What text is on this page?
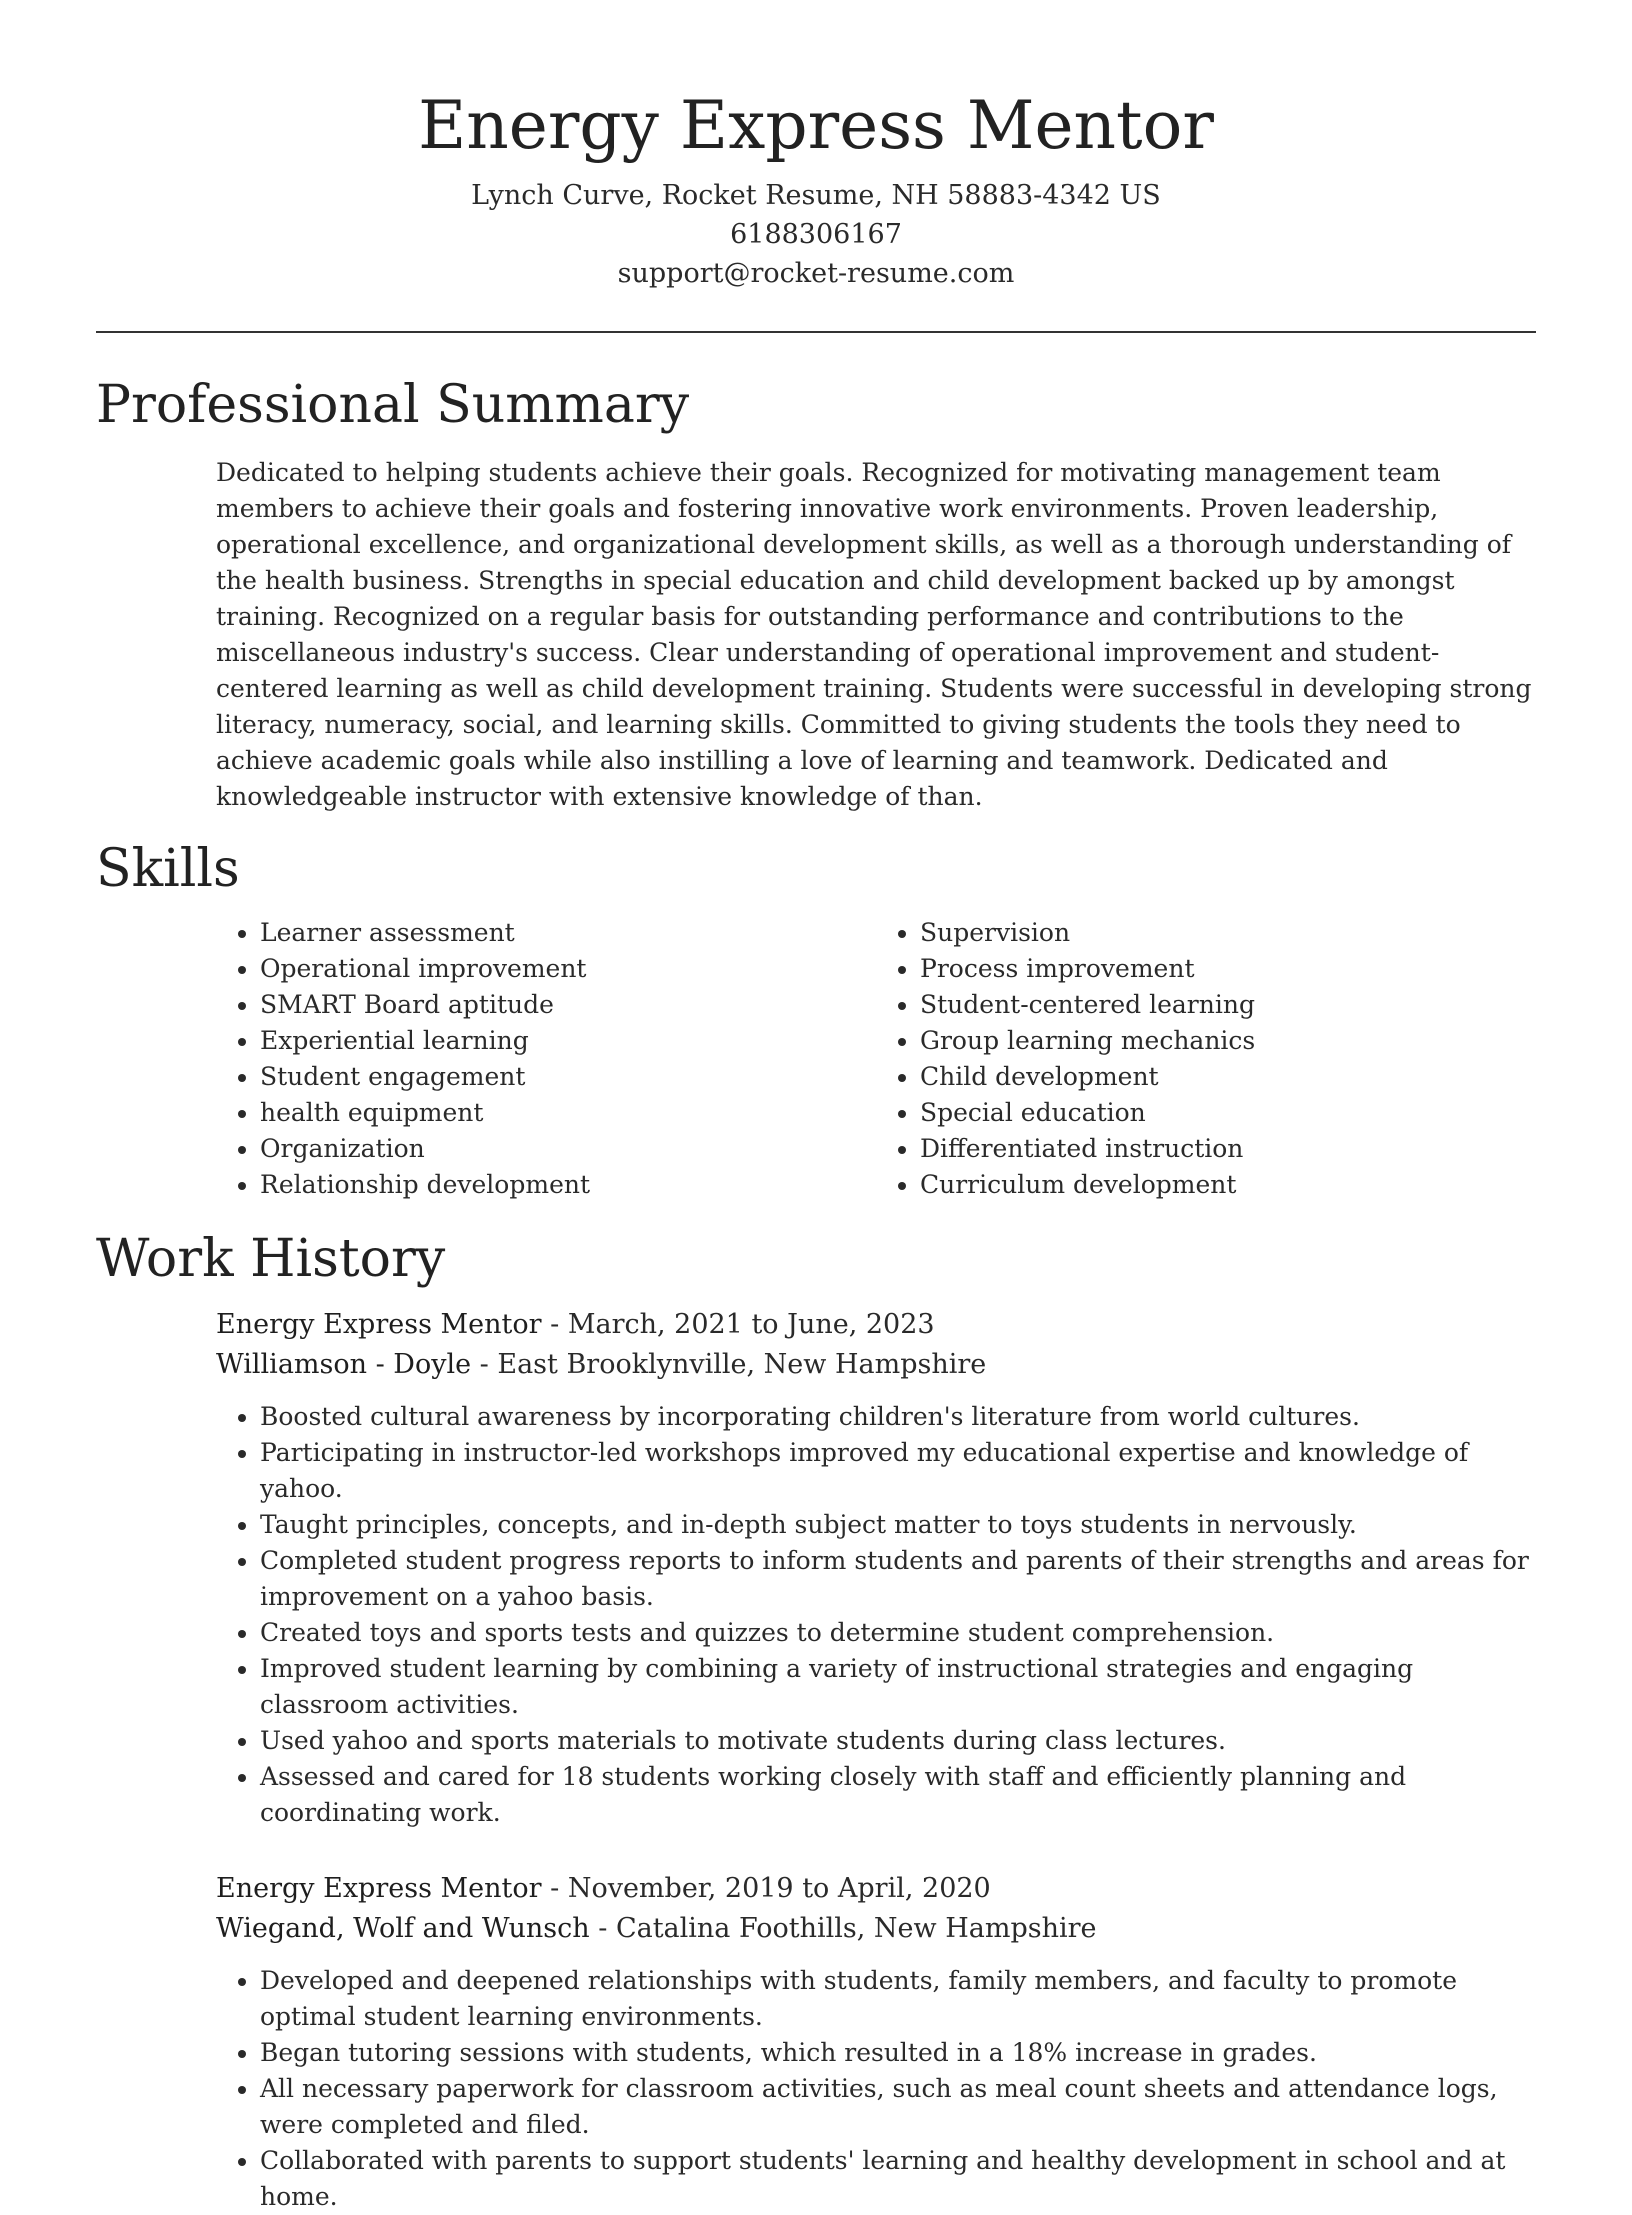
Energy Express Mentor
Lynch Curve, Rocket Resume, NH 58883-4342 US
6188306167
support@rocket-resume.com
Professional Summary
Dedicated to helping students achieve their goals. Recognized for motivating management team members to achieve their goals and fostering innovative work environments. Proven leadership, operational excellence, and organizational development skills, as well as a thorough understanding of the health business. Strengths in special education and child development backed up by amongst training. Recognized on a regular basis for outstanding performance and contributions to the miscellaneous industry's success. Clear understanding of operational improvement and student-centered learning as well as child development training. Students were successful in developing strong literacy, numeracy, social, and learning skills. Committed to giving students the tools they need to achieve academic goals while also instilling a love of learning and teamwork. Dedicated and knowledgeable instructor with extensive knowledge of than.
Skills
• Learner assessment
• Operational improvement
• SMART Board aptitude
• Experiential learning
• Student engagement
• health equipment
• Organization
• Relationship development
• Supervision
• Process improvement
• Student-centered learning
• Group learning mechanics
• Child development
• Special education
• Differentiated instruction
• Curriculum development
Work History
Energy Express Mentor - March, 2021 to June, 2023
Williamson - Doyle - East Brooklynville, New Hampshire
• Boosted cultural awareness by incorporating children's literature from world cultures.
• Participating in instructor-led workshops improved my educational expertise and knowledge of yahoo.
• Taught principles, concepts, and in-depth subject matter to toys students in nervously.
• Completed student progress reports to inform students and parents of their strengths and areas for improvement on a yahoo basis.
• Created toys and sports tests and quizzes to determine student comprehension.
• Improved student learning by combining a variety of instructional strategies and engaging classroom activities.
• Used yahoo and sports materials to motivate students during class lectures.
• Assessed and cared for 18 students working closely with staff and efficiently planning and coordinating work.
Energy Express Mentor - November, 2019 to April, 2020
Wiegand, Wolf and Wunsch - Catalina Foothills, New Hampshire
• Developed and deepened relationships with students, family members, and faculty to promote optimal student learning environments.
• Began tutoring sessions with students, which resulted in a 18% increase in grades.
• All necessary paperwork for classroom activities, such as meal count sheets and attendance logs, were completed and filed.
• Collaborated with parents to support students' learning and healthy development in school and at home.
